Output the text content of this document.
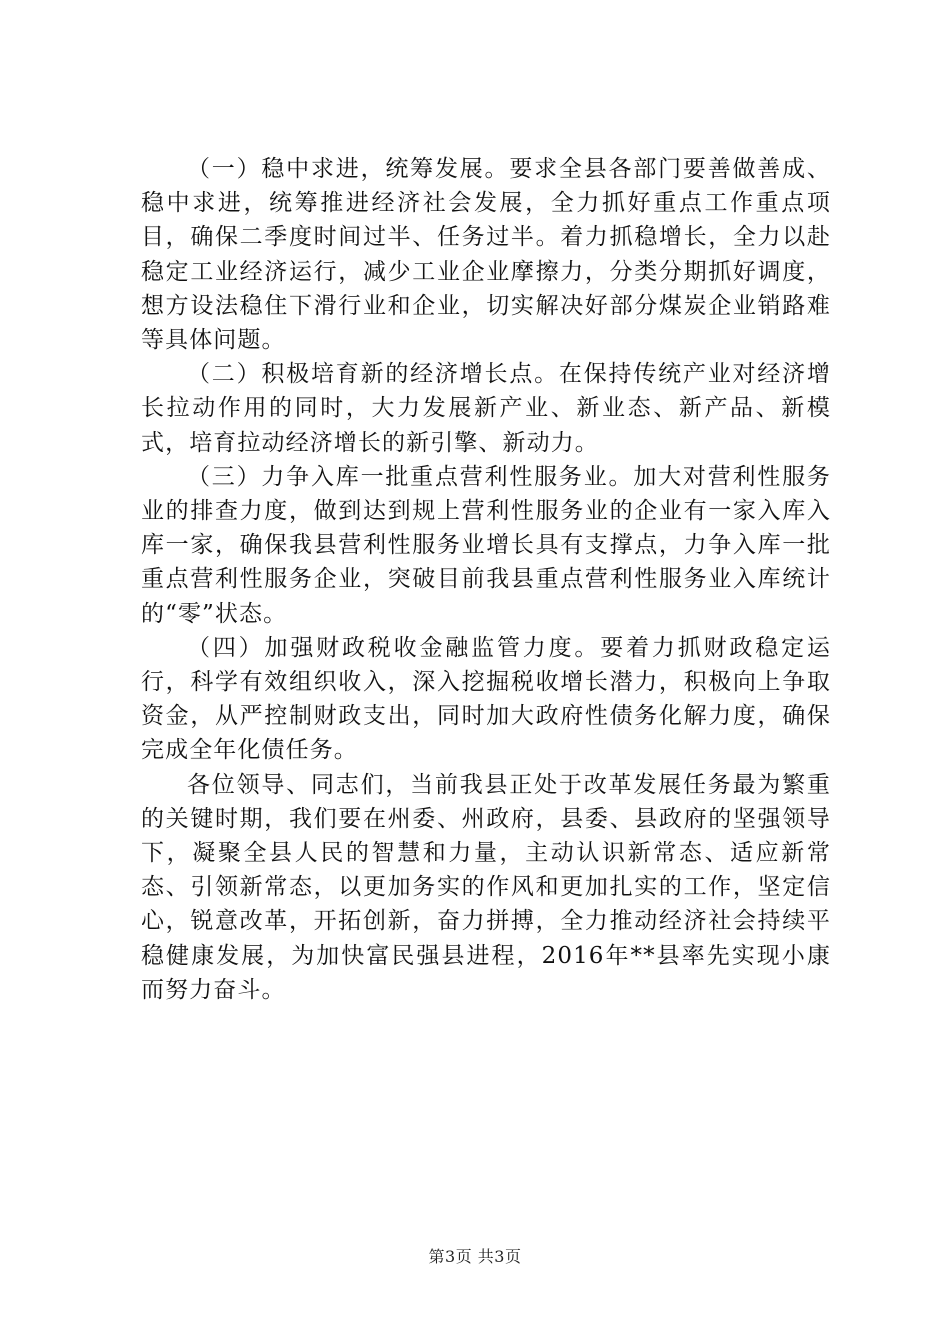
（一）稳中求进，统筹发展。要求全县各部门要善做善成、稳中求进，统筹推进经济社会发展，全力抓好重点工作重点项目，确保二季度时间过半、任务过半。着力抓稳增长，全力以赴稳定工业经济运行，减少工业企业摩擦力，分类分期抓好调度，想方设法稳住下滑行业和企业，切实解决好部分煤炭企业销路难等具体问题。

（二）积极培育新的经济增长点。在保持传统产业对经济增长拉动作用的同时，大力发展新产业、新业态、新产品、新模式，培育拉动经济增长的新引擎、新动力。

（三）力争入库一批重点营利性服务业。加大对营利性服务业的排查力度，做到达到规上营利性服务业的企业有一家入库入库一家，确保我县营利性服务业增长具有支撑点，力争入库一批重点营利性服务企业，突破目前我县重点营利性服务业入库统计的“零”状态。

（四）加强财政税收金融监管力度。要着力抓财政稳定运行，科学有效组织收入，深入挖掘税收增长潜力，积极向上争取资金，从严控制财政支出，同时加大政府性债务化解力度，确保完成全年化债任务。

各位领导、同志们，当前我县正处于改革发展任务最为繁重的关键时期，我们要在州委、州政府，县委、县政府的坚强领导下，凝聚全县人民的智慧和力量，主动认识新常态、适应新常态、引领新常态，以更加务实的作风和更加扎实的工作，坚定信心，锐意改革，开拓创新，奋力拼搏，全力推动经济社会持续平稳健康发展，为加快富民强县进程，2016年**县率先实现小康而努力奋斗。

第3页 共3页
